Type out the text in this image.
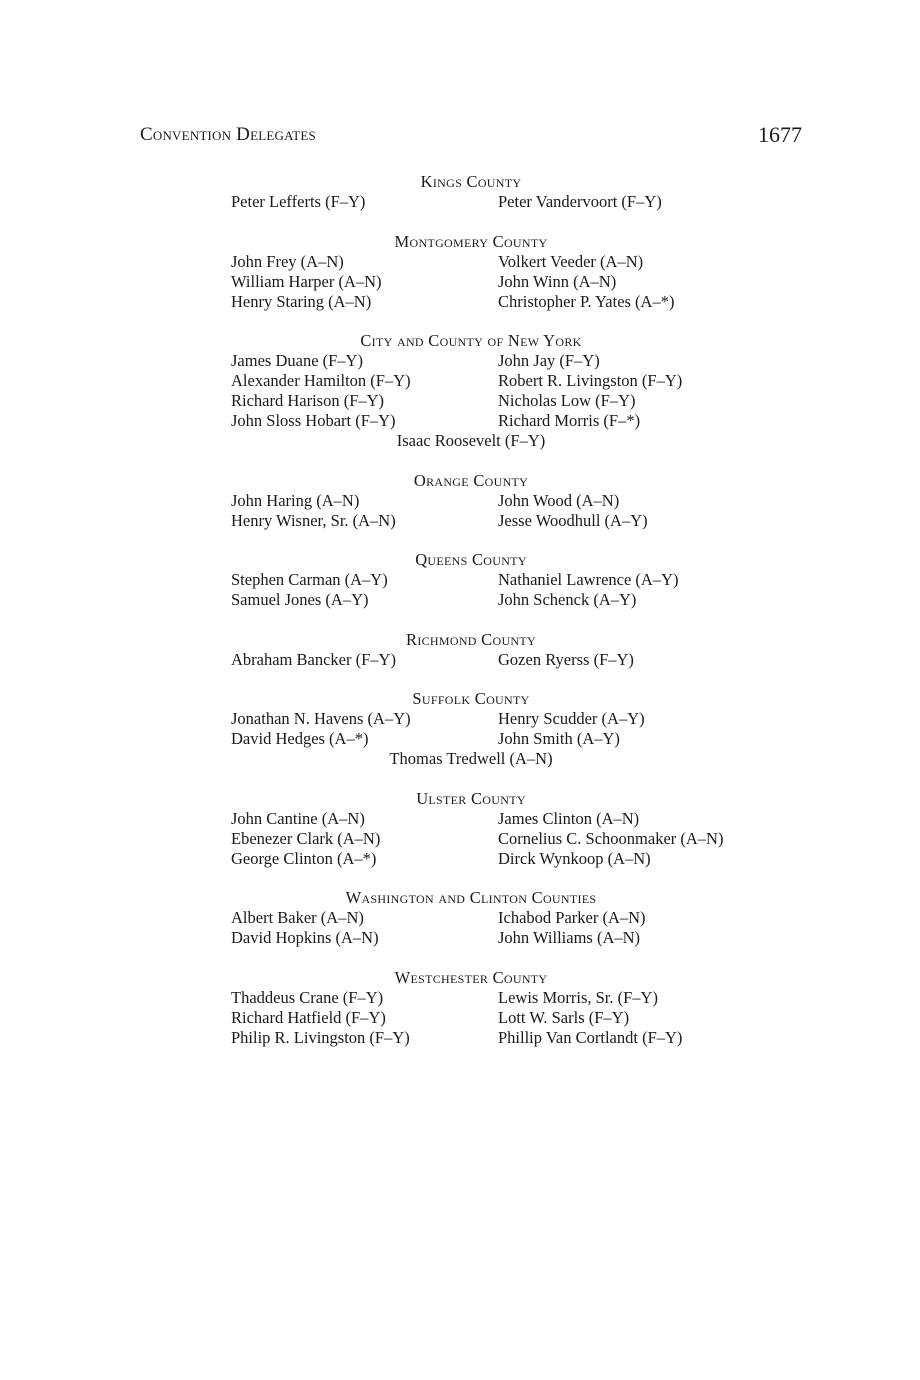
Convention Delegates	1677
Kings County
Peter Lefferts (F–Y)	Peter Vandervoort (F–Y)
Montgomery County
John Frey (A–N)	Volkert Veeder (A–N)
William Harper (A–N)	John Winn (A–N)
Henry Staring (A–N)	Christopher P. Yates (A–*)
City and County of New York
James Duane (F–Y)	John Jay (F–Y)
Alexander Hamilton (F–Y)	Robert R. Livingston (F–Y)
Richard Harison (F–Y)	Nicholas Low (F–Y)
John Sloss Hobart (F–Y)	Richard Morris (F–*)
Isaac Roosevelt (F–Y)
Orange County
John Haring (A–N)	John Wood (A–N)
Henry Wisner, Sr. (A–N)	Jesse Woodhull (A–Y)
Queens County
Stephen Carman (A–Y)	Nathaniel Lawrence (A–Y)
Samuel Jones (A–Y)	John Schenck (A–Y)
Richmond County
Abraham Bancker (F–Y)	Gozen Ryerss (F–Y)
Suffolk County
Jonathan N. Havens (A–Y)	Henry Scudder (A–Y)
David Hedges (A–*)	John Smith (A–Y)
Thomas Tredwell (A–N)
Ulster County
John Cantine (A–N)	James Clinton (A–N)
Ebenezer Clark (A–N)	Cornelius C. Schoonmaker (A–N)
George Clinton (A–*)	Dirck Wynkoop (A–N)
Washington and Clinton Counties
Albert Baker (A–N)	Ichabod Parker (A–N)
David Hopkins (A–N)	John Williams (A–N)
Westchester County
Thaddeus Crane (F–Y)	Lewis Morris, Sr. (F–Y)
Richard Hatfield (F–Y)	Lott W. Sarls (F–Y)
Philip R. Livingston (F–Y)	Phillip Van Cortlandt (F–Y)
